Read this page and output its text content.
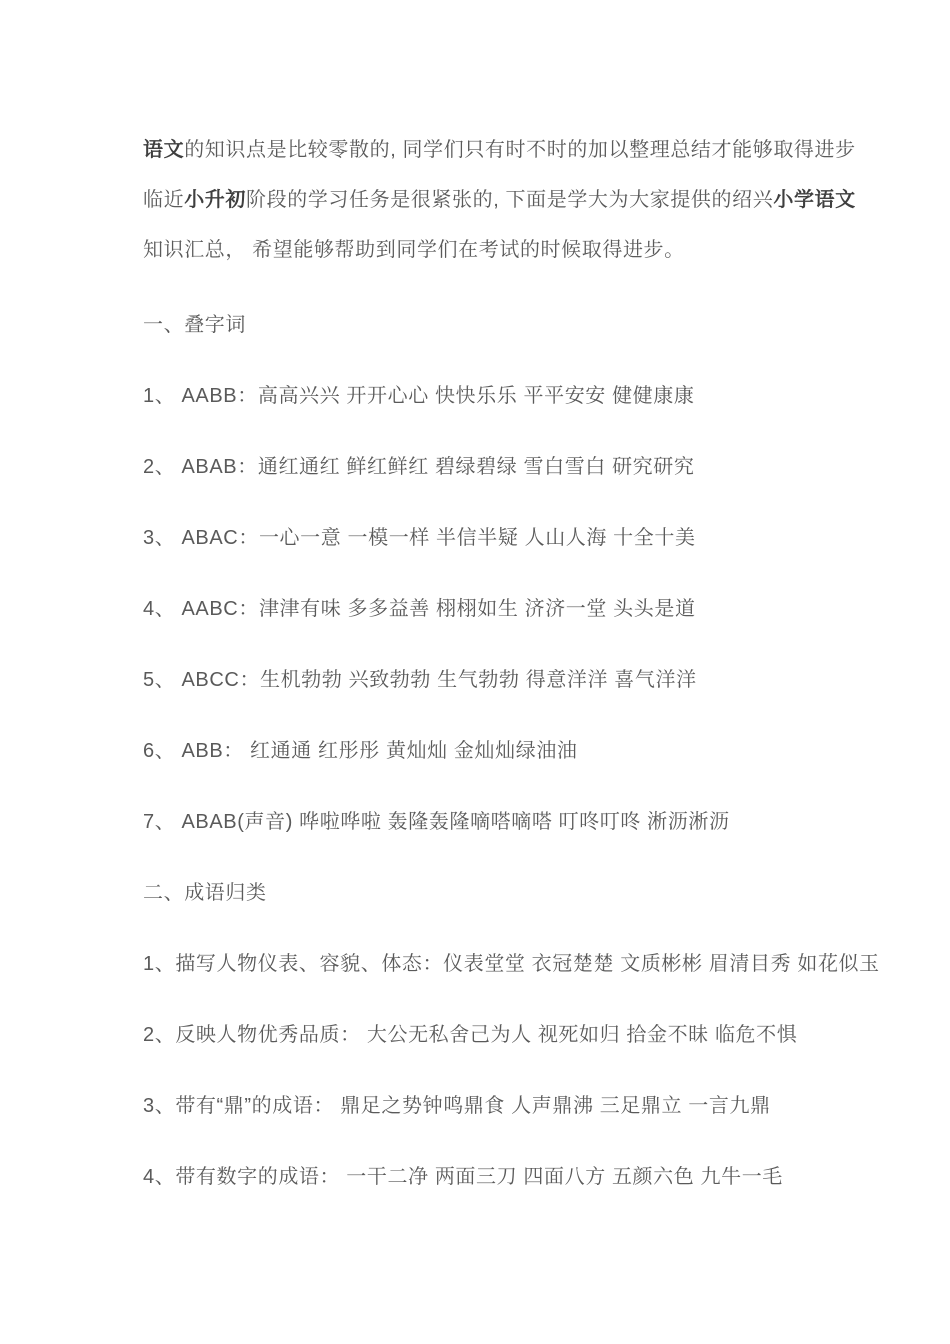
语文的知识点是比较零散的, 同学们只有时不时的加以整理总结才能够取得进步

临近小升初阶段的学习任务是很紧张的, 下面是学大为大家提供的绍兴小学语文

知识汇总， 希望能够帮助到同学们在考试的时候取得进步。

一、叠字词

1、 AABB：高高兴兴 开开心心 快快乐乐 平平安安 健健康康

2、 ABAB：通红通红 鲜红鲜红 碧绿碧绿 雪白雪白 研究研究

3、 ABAC：一心一意 一模一样 半信半疑 人山人海 十全十美

4、 AABC：津津有味 多多益善 栩栩如生 济济一堂 头头是道

5、 ABCC：生机勃勃 兴致勃勃 生气勃勃 得意洋洋 喜气洋洋

6、 ABB： 红通通 红彤彤 黄灿灿 金灿灿绿油油

7、 ABAB(声音) 哗啦哗啦 轰隆轰隆嘀嗒嘀嗒 叮咚叮咚 淅沥淅沥

二、成语归类

1、描写人物仪表、容貌、体态：仪表堂堂 衣冠楚楚 文质彬彬 眉清目秀 如花似玉

2、反映人物优秀品质： 大公无私舍己为人 视死如归 拾金不昧 临危不惧

3、带有“鼎”的成语： 鼎足之势钟鸣鼎食 人声鼎沸 三足鼎立 一言九鼎

4、带有数字的成语： 一干二净 两面三刀 四面八方 五颜六色 九牛一毛
